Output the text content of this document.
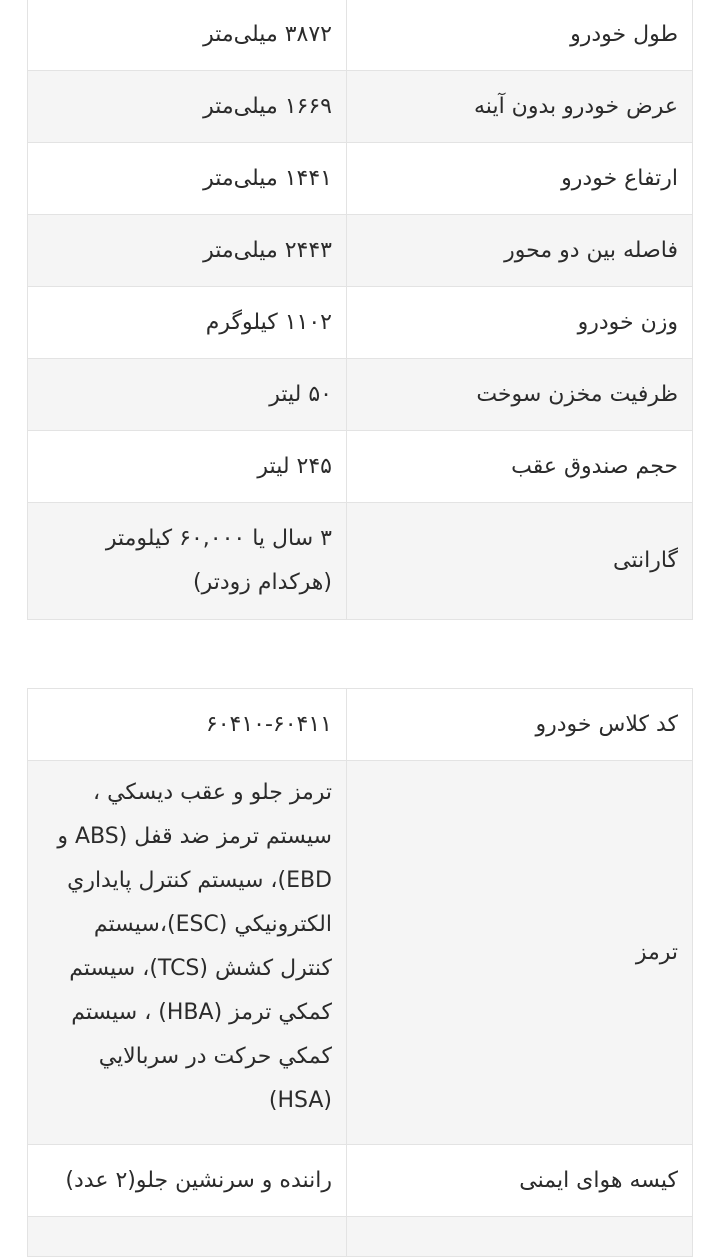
طول خودرو	۳۸۷۲ میلی‌متر
عرض خودرو بدون آینه	۱۶۶۹ میلی‌متر
ارتفاع خودرو	۱۴۴۱ میلی‌متر
فاصله بین دو محور	۲۴۴۳ میلی‌متر
وزن خودرو	۱۱۰۲ کیلوگرم
ظرفیت مخزن سوخت	۵۰ لیتر
حجم صندوق عقب	۲۴۵ لیتر
گارانتی	۳ سال یا ۶۰,۰۰۰ کیلومتر (هرکدام زودتر)
کد کلاس خودرو	۶۰۴۱۰-۶۰۴۱۱
ترمز	ترمز جلو و عقب دیسکي ، سیستم ترمز ضد قفل (ABS و EBD)، سیستم کنترل پایداري الکترونیکي (ESC)،سیستم کنترل کشش (TCS)، سیستم کمکي ترمز (HBA) ، سیستم کمکي حرکت در سربالایي (HSA)
کیسه هوای ایمنی	راننده و سرنشین جلو(۲ عدد)
